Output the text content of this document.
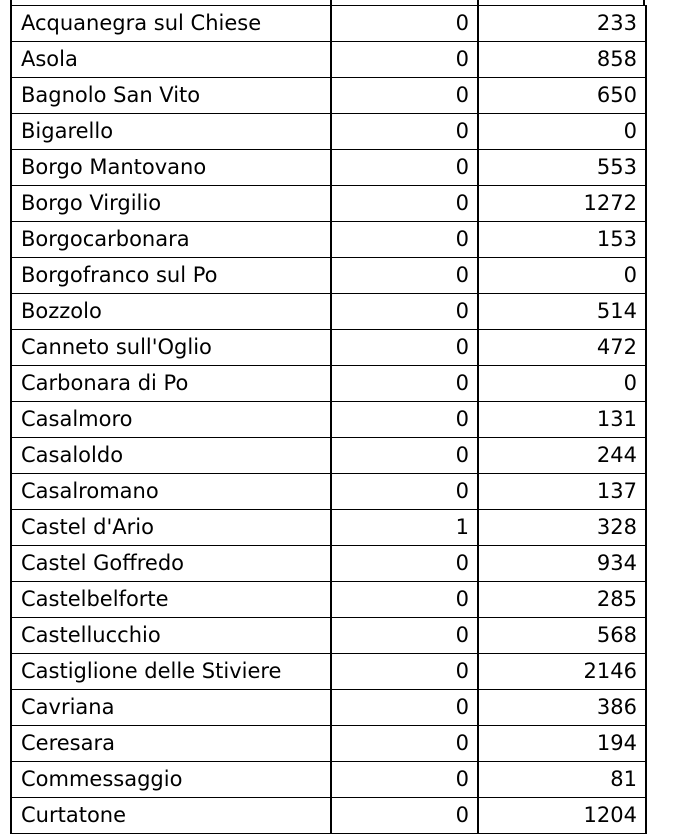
Acquanegra sul Chiese	0	233
Asola	0	858
Bagnolo San Vito	0	650
Bigarello	0	0
Borgo Mantovano	0	553
Borgo Virgilio	0	1272
Borgocarbonara	0	153
Borgofranco sul Po	0	0
Bozzolo	0	514
Canneto sull'Oglio	0	472
Carbonara di Po	0	0
Casalmoro	0	131
Casaloldo	0	244
Casalromano	0	137
Castel d'Ario	1	328
Castel Goffredo	0	934
Castelbelforte	0	285
Castellucchio	0	568
Castiglione delle Stiviere	0	2146
Cavriana	0	386
Ceresara	0	194
Commessaggio	0	81
Curtatone	0	1204
